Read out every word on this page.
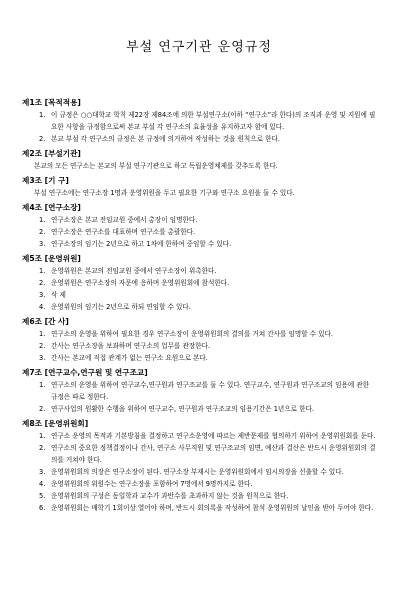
부설 연구기관 운영규정
제1조 [목적적용]
1. 이 규정은 ○○대학교 학칙 제22장 제84조에 의한 부설연구소(이하 “연구소”라 한다)의 조직과 운영 및 지원에 필요한 사항을 규정함으로써 본교 부설 각 연구소의 효율성을 유지하고자 함에 있다.
2. 본교 부설 각 연구소의 규정은 본 규정에 의거하여 작성하는 것을 원칙으로 한다.
제2조 [부설기관]
본교의 모든 연구소는 본교의 부설 연구기관으로 하고 독립운영체제를 갖추도록 한다.
제3조 [기 구]
부설 연구소에는 연구소장 1명과 운영위원을 두고 필요한 기구와 연구소 요원을 둘 수 있다.
제4조 [연구소장]
1. 연구소장은 본교 전임교원 중에서 총장이 임명한다.
2. 연구소장은 연구소를 대표하며 연구소를 총괄한다.
3. 연구소장의 임기는 2년으로 하고 1차에 한하여 중임할 수 있다.
제5조 [운영위원]
1. 운영위원은 본교의 전임교원 중에서 연구소장이 위촉한다.
2. 운영위원은 연구소장의 자문에 응하며 운영위원회에 참석한다.
3. 삭 제
4. 운영위원의 임기는 2년으로 하되 연임할 수 있다.
제6조 [간 사]
1. 연구소의 운영을 위하여 필요한 경우 연구소장이 운영위원회의 결의를 거쳐 간사를 임명할 수 있다.
2. 간사는 연구소장을 보좌하며 연구소의 업무를 관장한다.
3. 간사는 본교에 직접 관계가 없는 연구소 요원으로 본다.
제7조 [연구교수,연구원 및 연구조교]
1. 연구소의 운영을 위하여 연구교수,연구원과 연구조교를 둘 수 있다. 연구교수, 연구원과 연구조교의 임용에 관한 규정은 따로 정한다.
2. 연구사업의 원활한 수행을 위하여 연구교수, 연구원과 연구조교의 임용기간은 1년으로 한다.
제8조 [운영위원회]
1. 연구소 운영의 목적과 기본방침을 결정하고 연구소운영에 따르는 제반문제를 협의하기 위하여 운영위원회를 둔다.
2. 연구소의 중요한 정책결정이나 간사, 연구소 사무직원 및 연구조교의 임면, 예산과 결산은 반드시 운영위원회의 결의를 거쳐야 한다.
3. 운영위원회의 의장은 연구소장이 된다. 연구소장 부재시는 운영위원회에서 임시의장을 선출할 수 있다.
4. 운영위원회의 위원수는 연구소장을 포함하여 7명에서 9명까지로 한다.
5. 운영위원회의 구성은 동일학과 교수가 과반수를 초과하지 않는 것을 원칙으로 한다.
6. 운영위원회는 매학기 1회이상 열어야 하며, 반드시 회의록을 작성하여 참석 운영위원의 날인을 받아 두어야 한다.
